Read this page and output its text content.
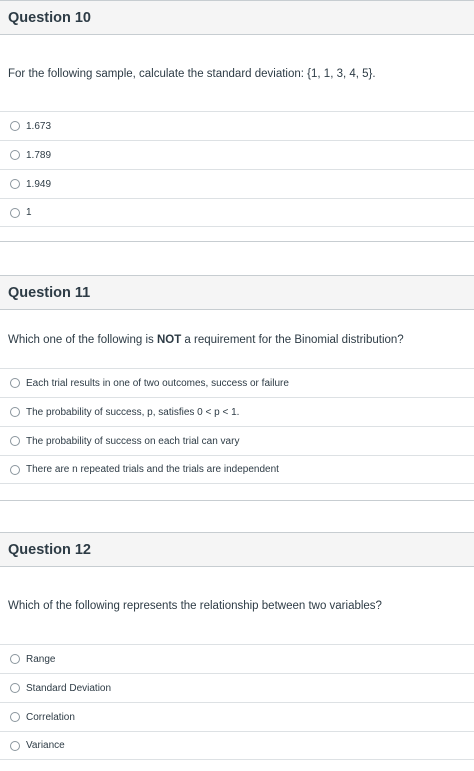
Question 10
For the following sample, calculate the standard deviation: {1, 1, 3, 4, 5}.
1.673
1.789
1.949
1
Question 11
Which one of the following is NOT a requirement for the Binomial distribution?
Each trial results in one of two outcomes, success or failure
The probability of success, p, satisfies 0 < p < 1.
The probability of success on each trial can vary
There are n repeated trials and the trials are independent
Question 12
Which of the following represents the relationship between two variables?
Range
Standard Deviation
Correlation
Variance
